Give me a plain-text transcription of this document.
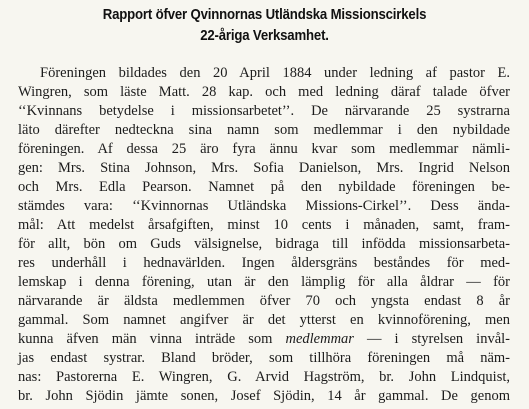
Rapport öfver Qvinnornas Utländska Missionscirkels
22-åriga Verksamhet.
Föreningen bildades den 20 April 1884 under ledning af pastor E.
Wingren, som läste Matt. 28 kap. och med ledning däraf talade öfver
‘‘Kvinnans betydelse i missionsarbetet’’. De närvarande 25 systrarna
läto därefter nedteckna sina namn som medlemmar i den nybildade
föreningen. Af dessa 25 äro fyra ännu kvar som medlemmar nämli-
gen: Mrs. Stina Johnson, Mrs. Sofia Danielson, Mrs. Ingrid Nelson
och Mrs. Edla Pearson. Namnet på den nybildade föreningen be-
stämdes vara: ‘‘Kvinnornas Utländska Missions-Cirkel’’. Dess ända-
mål: Att medelst årsafgiften, minst 10 cents i månaden, samt, fram-
för allt, bön om Guds välsignelse, bidraga till infödda missionsarbeta-
res underhåll i hednavärlden. Ingen åldersgräns beståndes för med-
lemskap i denna förening, utan är den lämplig för alla åldrar — för
närvarande är äldsta medlemmen öfver 70 och yngsta endast 8 år
gammal. Som namnet angifver är det ytterst en kvinnoförening, men
kunna äfven män vinna inträde som medlemmar — i styrelsen invål-
jas endast systrar. Bland bröder, som tillhöra föreningen må näm-
nas: Pastorerna E. Wingren, G. Arvid Hagström, br. John Lindquist,
br. John Sjödin jämte sonen, Josef Sjödin, 14 år gammal. De genom
